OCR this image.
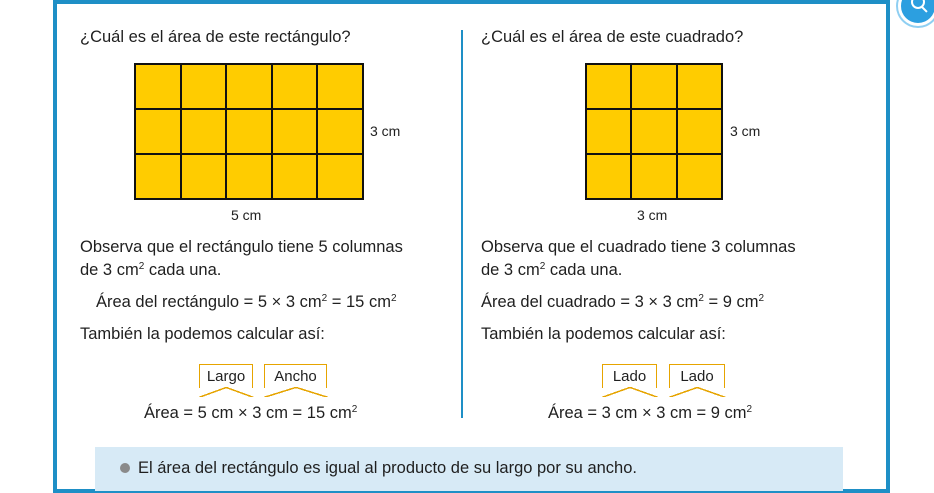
¿Cuál es el área de este rectángulo?
3 cm
5 cm
Observa que el rectángulo tiene 5 columnas
de 3 $cm^2$ cada una.
Área del rectángulo = 5 × 3 $cm^2 = 15$ $cm^2$
También la podemos calcular así:
Largo	Ancho
Área = 5 cm × 3 cm = 15 $cm^2$
¿Cuál es el área de este cuadrado?
3 cm
3 cm
Observa que el cuadrado tiene 3 columnas
de 3 $cm^2$ cada una.
Área del cuadrado = 3 × 3 $cm^2 = 9$ $cm^2$
También la podemos calcular así:
Lado	Lado
Área = 3 cm × 3 cm = 9 $cm^2$
El área del rectángulo es igual al producto de su largo por su ancho.
